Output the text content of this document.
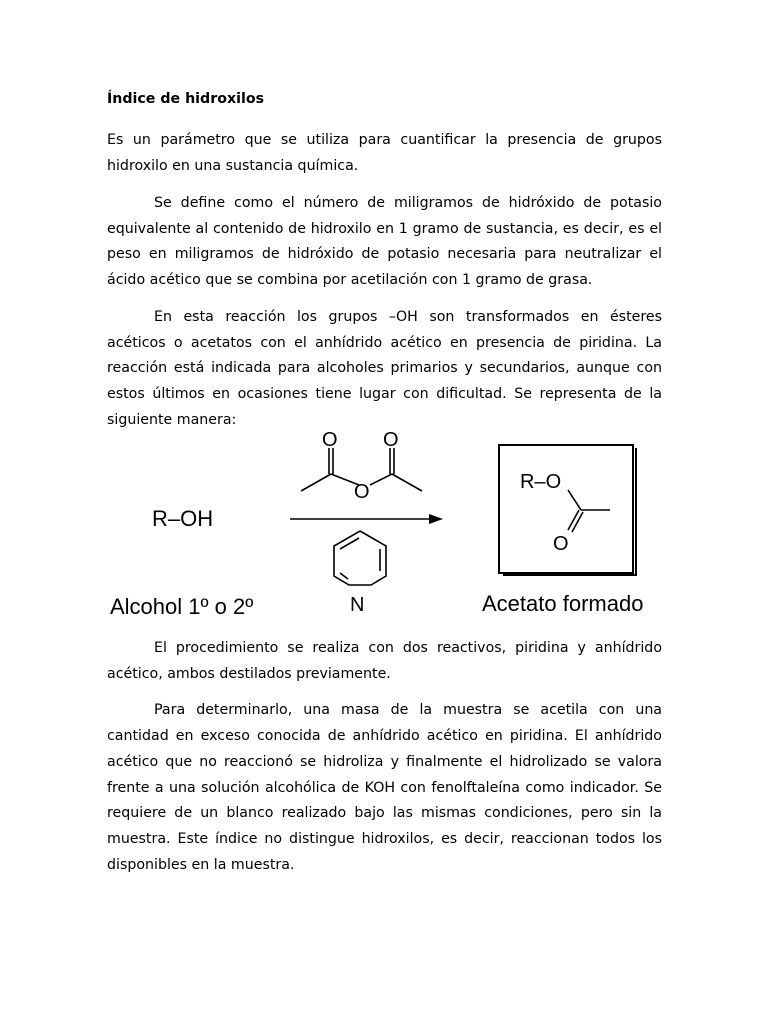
Índice de hidroxilos

Es un parámetro que se utiliza para cuantificar la presencia de grupos hidroxilo en una sustancia química.

Se define como el número de miligramos de hidróxido de potasio equivalente al contenido de hidroxilo en 1 gramo de sustancia, es decir, es el peso en miligramos de hidróxido de potasio necesaria para neutralizar el ácido acético que se combina por acetilación con 1 gramo de grasa.

En esta reacción los grupos –OH son transformados en ésteres acéticos o acetatos con el anhídrido acético en presencia de piridina. La reacción está indicada para alcoholes primarios y secundarios, aunque con estos últimos en ocasiones tiene lugar con dificultad. Se representa de la siguiente manera:

R–OH
Alcohol 1º o 2º
O O
O
N
R–O
O
Acetato formado

El procedimiento se realiza con dos reactivos, piridina y anhídrido acético, ambos destilados previamente.

Para determinarlo, una masa de la muestra se acetila con una cantidad en exceso conocida de anhídrido acético en piridina. El anhídrido acético que no reaccionó se hidroliza y finalmente el hidrolizado se valora frente a una solución alcohólica de KOH con fenolftaleína como indicador. Se requiere de un blanco realizado bajo las mismas condiciones, pero sin la muestra. Este índice no distingue hidroxilos, es decir, reaccionan todos los disponibles en la muestra.
